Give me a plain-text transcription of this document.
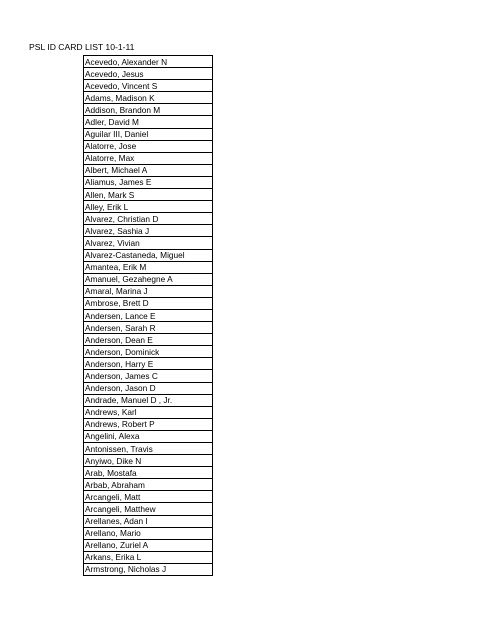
PSL ID CARD LIST 10-1-11
Acevedo, Alexander N
Acevedo, Jesus
Acevedo, Vincent S
Adams, Madison K
Addison, Brandon M
Adler, David M
Aguilar III, Daniel
Alatorre, Jose
Alatorre, Max
Albert, Michael A
Aliamus, James E
Allen, Mark S
Alley, Erik L
Alvarez, Christian D
Alvarez, Sashia J
Alvarez, Vivian
Alvarez-Castaneda, Miguel
Amantea, Erik M
Amanuel, Gezahegne A
Amaral, Marina J
Ambrose, Brett D
Andersen, Lance E
Andersen, Sarah R
Anderson, Dean E
Anderson, Dominick
Anderson, Harry E
Anderson, James C
Anderson, Jason D
Andrade, Manuel D , Jr.
Andrews, Karl
Andrews, Robert P
Angelini, Alexa
Antonissen, Travis
Anyiwo, Dike N
Arab, Mostafa
Arbab, Abraham
Arcangeli, Matt
Arcangeli, Matthew
Arellanes, Adan I
Arellano, Mario
Arellano, Zuriel A
Arkans, Erika L
Armstrong, Nicholas J
